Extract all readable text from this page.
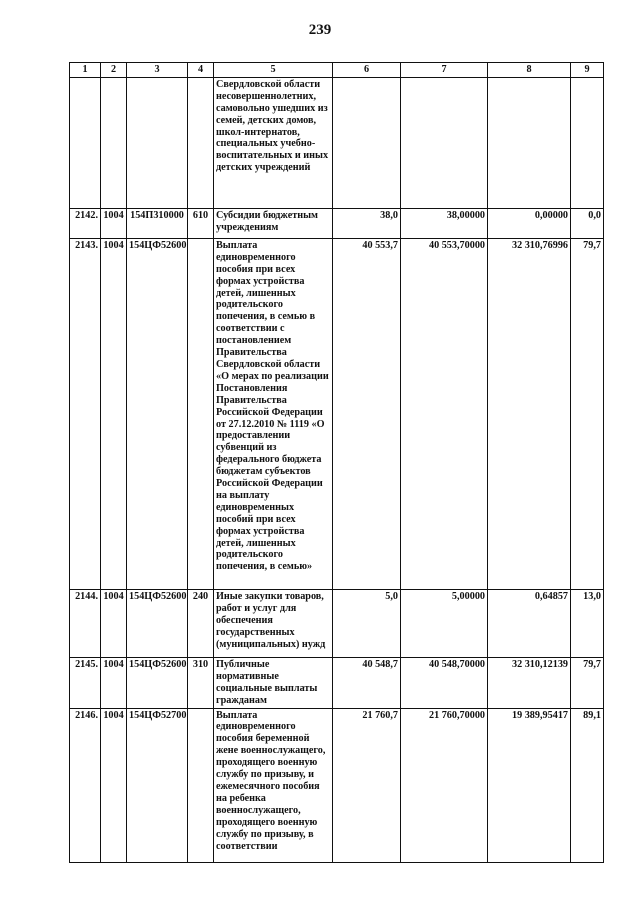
239
1	2	3	4	5	6	7	8	9
				Свердловской области несовершеннолетних, самовольно ушедших из семей, детских домов, школ-интернатов, специальных учебно-воспитательных и иных детских учреждений				
2142.	1004	154П310000	610	Субсидии бюджетным учреждениям	38,0	38,00000	0,00000	0,0
2143.	1004	154ЦФ52600		Выплата единовременного пособия при всех формах устройства детей, лишенных родительского попечения, в семью в соответствии с постановлением Правительства Свердловской области «О мерах по реализации Постановления Правительства Российской Федерации от 27.12.2010 № 1119 «О предоставлении субвенций из федерального бюджета бюджетам субъектов Российской Федерации на выплату единовременных пособий при всех формах устройства детей, лишенных родительского попечения, в семью»	40 553,7	40 553,70000	32 310,76996	79,7
2144.	1004	154ЦФ52600	240	Иные закупки товаров, работ и услуг для обеспечения государственных (муниципальных) нужд	5,0	5,00000	0,64857	13,0
2145.	1004	154ЦФ52600	310	Публичные нормативные социальные выплаты гражданам	40 548,7	40 548,70000	32 310,12139	79,7
2146.	1004	154ЦФ52700		Выплата единовременного пособия беременной жене военнослужащего, проходящего военную службу по призыву, и ежемесячного пособия на ребенка военнослужащего, проходящего военную службу по призыву, в соответствии	21 760,7	21 760,70000	19 389,95417	89,1
